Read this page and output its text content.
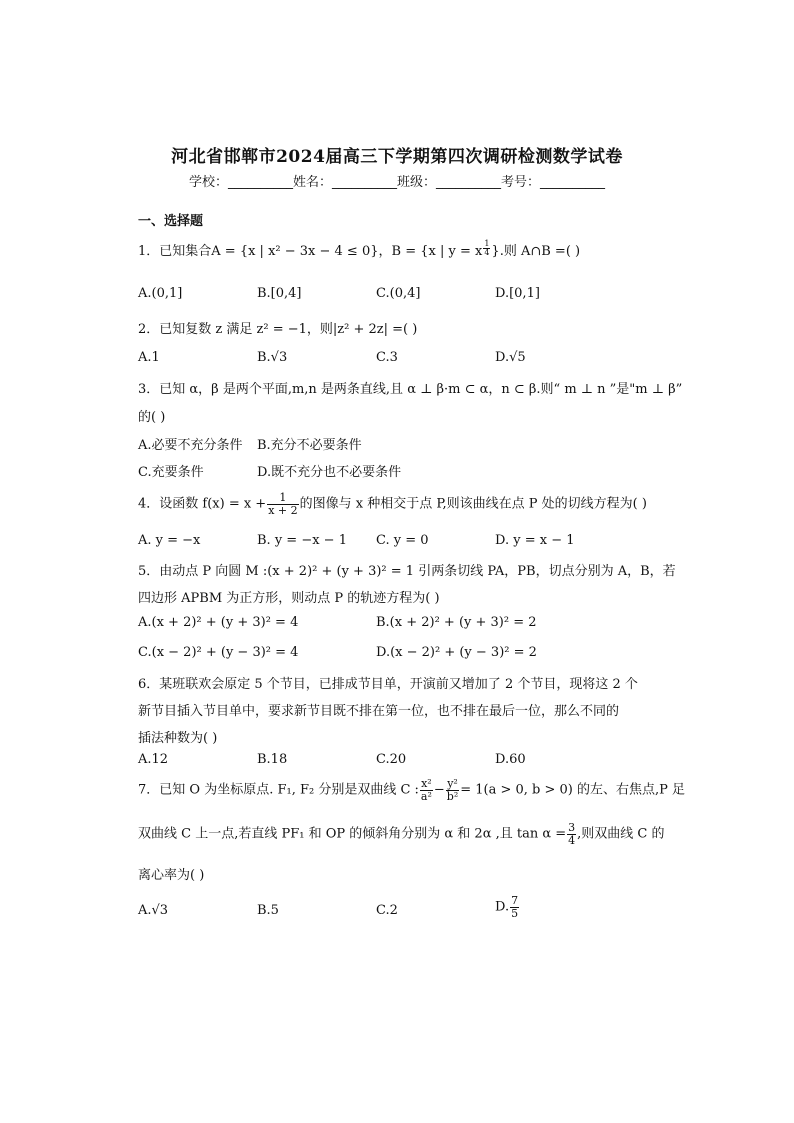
河北省邯郸市2024届高三下学期第四次调研检测数学试卷
学校：__________姓名：__________班级：__________考号：__________
一、选择题
1．已知集合A = {x | x² − 3x − 4 ≤ 0}，B = {x | y = x $\frac{1}{4}$ }.则 A∩B =( )
A.(0,1]	B.[0,4]	C.(0,4]	D.[0,1]
2．已知复数 z 满足 z² = −1，则|z² + 2z| =( )
A.1	B.√3	C.3	D.√5
3．已知 α，β 是两个平面,m,n 是两条直线,且 α ⊥ β·m ⊂ α，n ⊂ β.则“ m ⊥ n ”是"m ⊥ β”
的( )
A.必要不充分条件 B.充分不必要条件
C.充要条件	D.既不充分也不必要条件
4．设函数 $f(x) = x + \frac{1}{x + 2}$ 的图像与 x 种相交于点 P,则该曲线在点 P 处的切线方程为( )
A. y = −x	B. y = −x − 1 C. y = 0	D. y = x − 1
5．由动点 P 向圆 M :(x + 2)² + (y + 3)² = 1 引两条切线 PA，PB，切点分别为 A，B，若
四边形 APBM 为正方形，则动点 P 的轨迹方程为( )
A.(x + 2)² + (y + 3)² = 4	B.(x + 2)² + (y + 3)² = 2
C.(x − 2)² + (y − 3)² = 4	D.(x − 2)² + (y − 3)² = 2
6．某班联欢会原定 5 个节目，已排成节目单，开演前又增加了 2 个节目，现将这 2 个
新节目插入节目单中，要求新节目既不排在第一位，也不排在最后一位，那么不同的
插法种数为( )
A.12	B.18	C.20	D.60
7．已知 O 为坐标原点. F₁, F₂ 分别是双曲线 C : $\frac{\text{x²}}{\text{a²}} - \frac{\text{y²}}{\text{b²}} = 1(a > 0$, b > 0) 的左、右焦点,P 足
双曲线 C 上一点,若直线 PF₁ 和 OP 的倾斜角分别为 α 和 2α ,且 $\tan \alpha = \frac{3}{4}$ ,则双曲线 C 的
离心率为( )
A.√3	B.5	C.2	D. $\frac{7}{5}$
